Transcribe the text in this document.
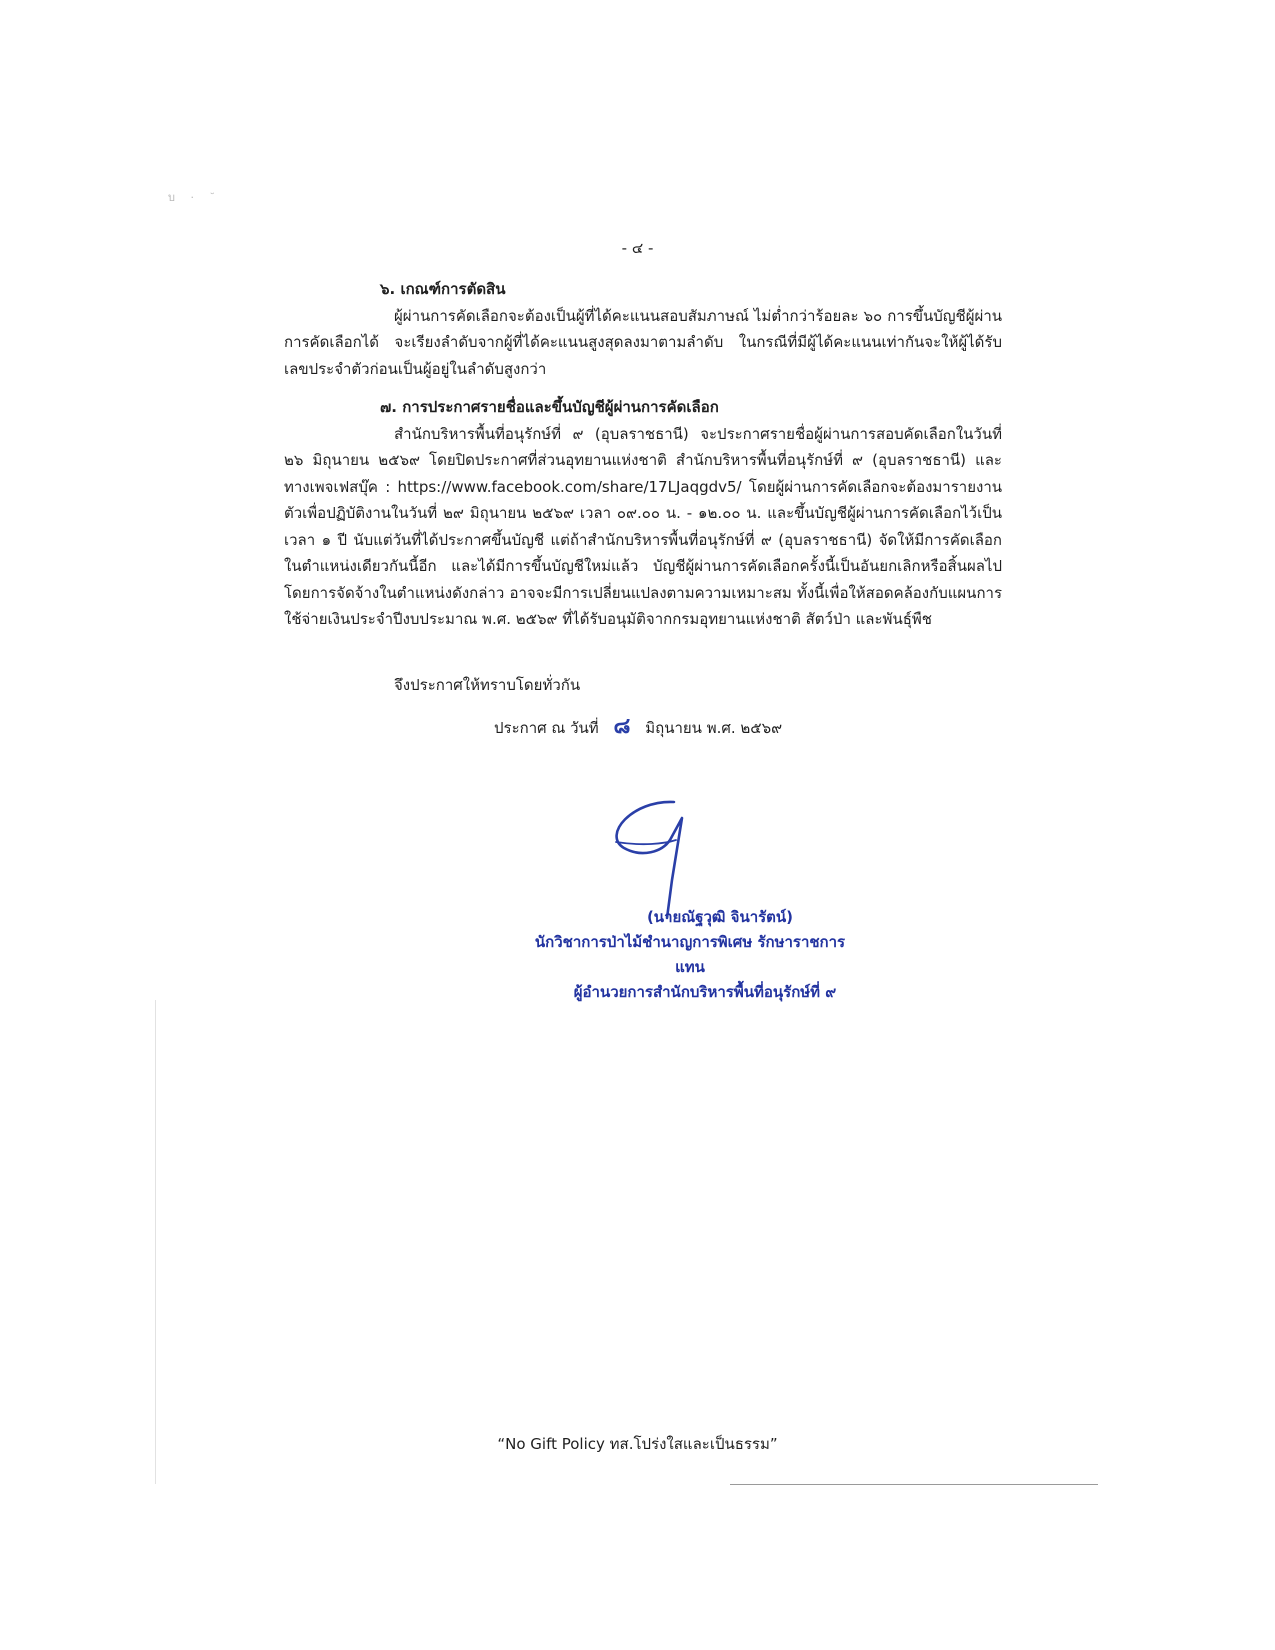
บ · ˘
- ๔ -
๖. เกณฑ์การตัดสิน

ผู้ผ่านการคัดเลือกจะต้องเป็นผู้ที่ได้คะแนนสอบสัมภาษณ์ ไม่ต่ำกว่าร้อยละ ๖๐ การขึ้นบัญชีผู้ผ่านการคัดเลือกได้ จะเรียงลำดับจากผู้ที่ได้คะแนนสูงสุดลงมาตามลำดับ ในกรณีที่มีผู้ได้คะแนนเท่ากันจะให้ผู้ได้รับเลขประจำตัวก่อนเป็นผู้อยู่ในลำดับสูงกว่า

๗. การประกาศรายชื่อและขึ้นบัญชีผู้ผ่านการคัดเลือก

สำนักบริหารพื้นที่อนุรักษ์ที่ ๙ (อุบลราชธานี) จะประกาศรายชื่อผู้ผ่านการสอบคัดเลือกในวันที่ ๒๖ มิถุนายน ๒๕๖๙ โดยปิดประกาศที่ส่วนอุทยานแห่งชาติ สำนักบริหารพื้นที่อนุรักษ์ที่ ๙ (อุบลราชธานี) และ ทางเพจเฟสบุ๊ค : https://www.facebook.com/share/17LJaqgdv5/ โดยผู้ผ่านการคัดเลือกจะต้องมารายงานตัวเพื่อปฏิบัติงานในวันที่ ๒๙ มิถุนายน ๒๕๖๙ เวลา ๐๙.๐๐ น. - ๑๒.๐๐ น. และขึ้นบัญชีผู้ผ่านการคัดเลือกไว้เป็นเวลา ๑ ปี นับแต่วันที่ได้ประกาศขึ้นบัญชี แต่ถ้าสำนักบริหารพื้นที่อนุรักษ์ที่ ๙ (อุบลราชธานี) จัดให้มีการคัดเลือกในตำแหน่งเดียวกันนี้อีก และได้มีการขึ้นบัญชีใหม่แล้ว บัญชีผู้ผ่านการคัดเลือกครั้งนี้เป็นอันยกเลิกหรือสิ้นผลไป โดยการจัดจ้างในตำแหน่งดังกล่าว อาจจะมีการเปลี่ยนแปลงตามความเหมาะสม ทั้งนี้เพื่อให้สอดคล้องกับแผนการใช้จ่ายเงินประจำปีงบประมาณ พ.ศ. ๒๕๖๙ ที่ได้รับอนุมัติจากกรมอุทยานแห่งชาติ สัตว์ป่า และพันธุ์พืช

จึงประกาศให้ทราบโดยทั่วกัน
ประกาศ ณ วันที่ ๘ มิถุนายน พ.ศ. ๒๕๖๙
(นายณัฐวุฒิ จินารัตน์)
นักวิชาการป่าไม้ชำนาญการพิเศษ รักษาราชการแทน
ผู้อำนวยการสำนักบริหารพื้นที่อนุรักษ์ที่ ๙
“No Gift Policy ทส.โปร่งใสและเป็นธรรม”
